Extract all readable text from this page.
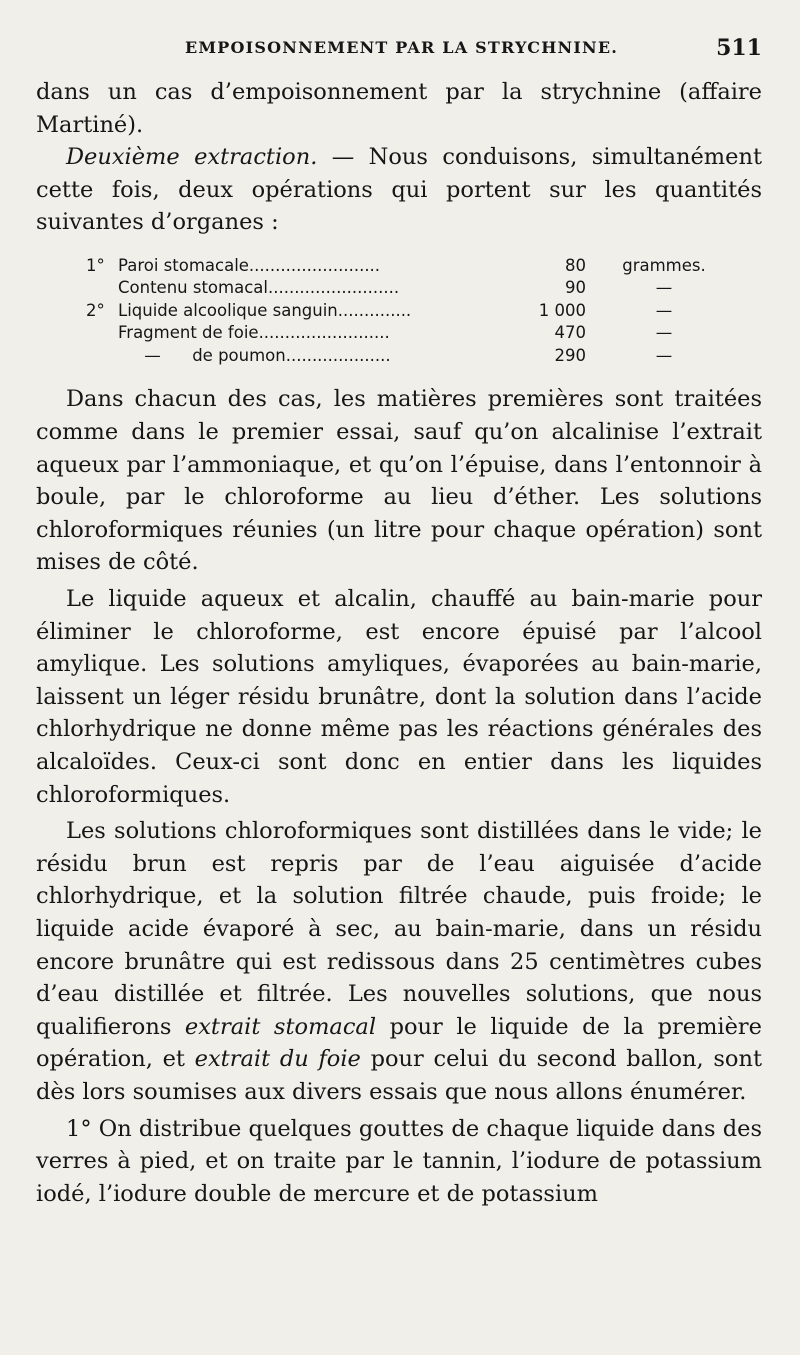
EMPOISONNEMENT PAR LA STRYCHNINE.	511

dans un cas d’empoisonnement par la strychnine (affaire Martiné).

Deuxième extraction. — Nous conduisons, simultanément cette fois, deux opérations qui portent sur les quantités suivantes d’organes :

1° Paroi stomacale.........................	80	grammes.
Contenu stomacal.........................	90	—
2° Liquide alcoolique sanguin..............	1 000	—
Fragment de foie.........................	470	—
—      de poumon....................	290	—

Dans chacun des cas, les matières premières sont traitées comme dans le premier essai, sauf qu’on alcalinise l’extrait aqueux par l’ammoniaque, et qu’on l’épuise, dans l’entonnoir à boule, par le chloroforme au lieu d’éther. Les solutions chloroformiques réunies (un litre pour chaque opération) sont mises de côté.

Le liquide aqueux et alcalin, chauffé au bain-marie pour éliminer le chloroforme, est encore épuisé par l’alcool amylique. Les solutions amyliques, évaporées au bain-marie, laissent un léger résidu brunâtre, dont la solution dans l’acide chlorhydrique ne donne même pas les réactions générales des alcaloïdes. Ceux-ci sont donc en entier dans les liquides chloroformiques.

Les solutions chloroformiques sont distillées dans le vide; le résidu brun est repris par de l’eau aiguisée d’acide chlorhydrique, et la solution filtrée chaude, puis froide; le liquide acide évaporé à sec, au bain-marie, dans un résidu encore brunâtre qui est redissous dans 25 centimètres cubes d’eau distillée et filtrée. Les nouvelles solutions, que nous qualifierons extrait stomacal pour le liquide de la première opération, et extrait du foie pour celui du second ballon, sont dès lors soumises aux divers essais que nous allons énumérer.

1° On distribue quelques gouttes de chaque liquide dans des verres à pied, et on traite par le tannin, l’iodure de potassium iodé, l’iodure double de mercure et de potassium
